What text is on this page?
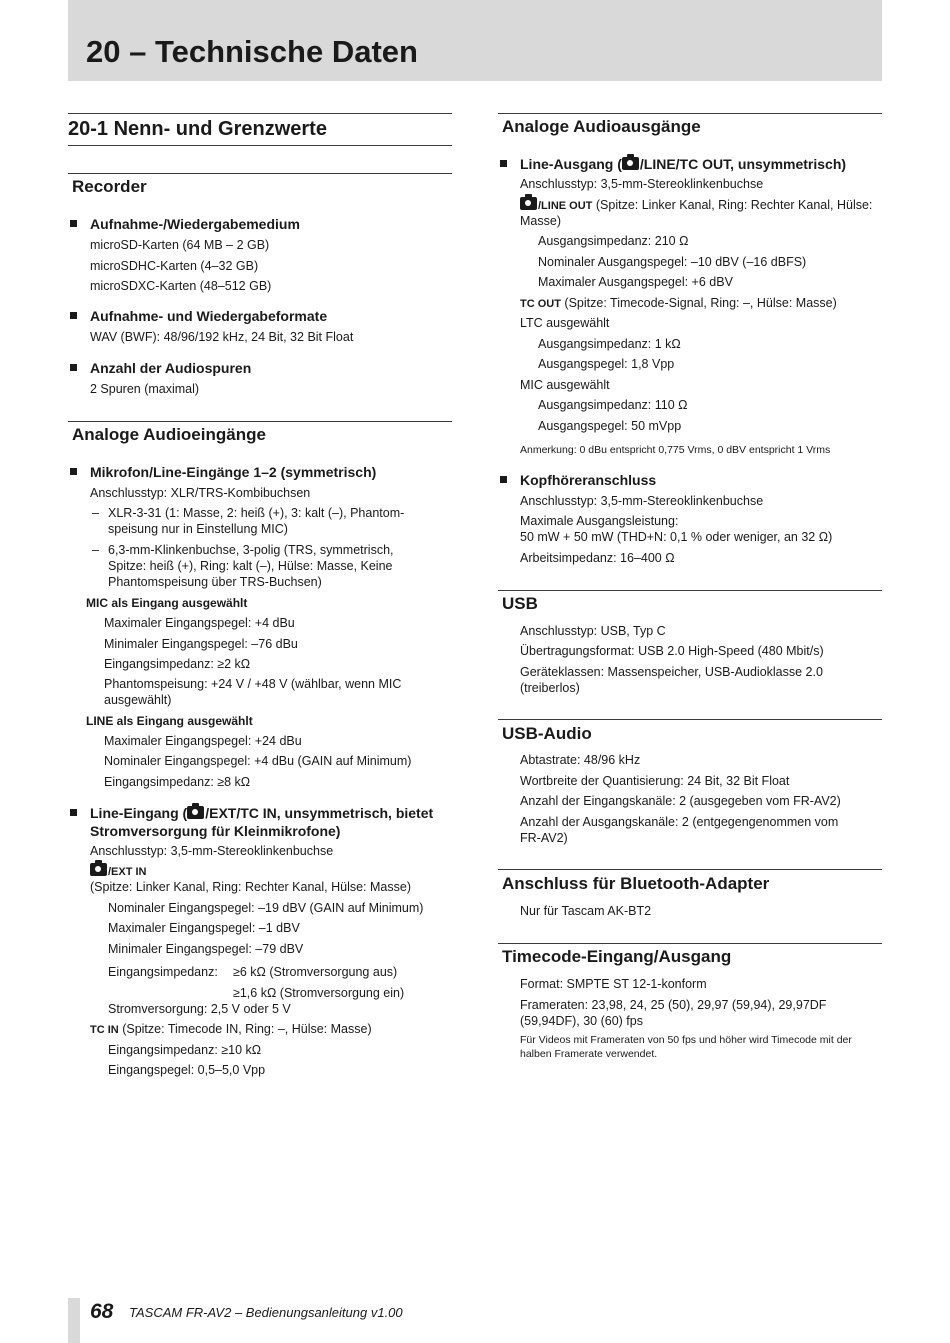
20 – Technische Daten
20-1 Nenn- und Grenzwerte
Recorder
Aufnahme-/Wiedergabemedium
microSD-Karten (64 MB – 2 GB)
microSDHC-Karten (4–32 GB)
microSDXC-Karten (48–512 GB)
Aufnahme- und Wiedergabeformate
WAV (BWF): 48/96/192 kHz, 24 Bit, 32 Bit Float
Anzahl der Audiospuren
2 Spuren (maximal)
Analoge Audioeingänge
Mikrofon/Line-Eingänge 1–2 (symmetrisch)
Anschlusstyp: XLR/TRS-Kombibuchsen
– XLR-3-31 (1: Masse, 2: heiß (+), 3: kalt (–), Phantom-
speisung nur in Einstellung MIC)
– 6,3-mm-Klinkenbuchse, 3-polig (TRS, symmetrisch,
Spitze: heiß (+), Ring: kalt (–), Hülse: Masse, Keine
Phantomspeisung über TRS-Buchsen)
MIC als Eingang ausgewählt
Maximaler Eingangspegel: +4 dBu
Minimaler Eingangspegel: –76 dBu
Eingangsimpedanz: ≥2 kΩ
Phantomspeisung: +24 V / +48 V (wählbar, wenn MIC
ausgewählt)
LINE als Eingang ausgewählt
Maximaler Eingangspegel: +24 dBu
Nominaler Eingangspegel: +4 dBu (GAIN auf Minimum)
Eingangsimpedanz: ≥8 kΩ
Line-Eingang ( /EXT/TC IN, unsymmetrisch, bietet
Stromversorgung für Kleinmikrofone)
Anschlusstyp: 3,5-mm-Stereoklinkenbuchse
/EXT IN
(Spitze: Linker Kanal, Ring: Rechter Kanal, Hülse: Masse)
Nominaler Eingangspegel: –19 dBV (GAIN auf Minimum)
Maximaler Eingangspegel: –1 dBV
Minimaler Eingangspegel: –79 dBV
Eingangsimpedanz: ≥6 kΩ (Stromversorgung aus)
≥1,6 kΩ (Stromversorgung ein)
Stromversorgung: 2,5 V oder 5 V
TC IN (Spitze: Timecode IN, Ring: –, Hülse: Masse)
Eingangsimpedanz: ≥10 kΩ
Eingangspegel: 0,5–5,0 Vpp
Analoge Audioausgänge
Line-Ausgang ( /LINE/TC OUT, unsymmetrisch)
Anschlusstyp: 3,5-mm-Stereoklinkenbuchse
/LINE OUT (Spitze: Linker Kanal, Ring: Rechter Kanal, Hülse:
Masse)
Ausgangsimpedanz: 210 Ω
Nominaler Ausgangspegel: –10 dBV (–16 dBFS)
Maximaler Ausgangspegel: +6 dBV
TC OUT (Spitze: Timecode-Signal, Ring: –, Hülse: Masse)
LTC ausgewählt
Ausgangsimpedanz: 1 kΩ
Ausgangspegel: 1,8 Vpp
MIC ausgewählt
Ausgangsimpedanz: 110 Ω
Ausgangspegel: 50 mVpp
Anmerkung: 0 dBu entspricht 0,775 Vrms, 0 dBV entspricht 1 Vrms
Kopfhöreranschluss
Anschlusstyp: 3,5-mm-Stereoklinkenbuchse
Maximale Ausgangsleistung:
50 mW + 50 mW (THD+N: 0,1 % oder weniger, an 32 Ω)
Arbeitsimpedanz: 16–400 Ω
USB
Anschlusstyp: USB, Typ C
Übertragungsformat: USB 2.0 High-Speed (480 Mbit/s)
Geräteklassen: Massenspeicher, USB-Audioklasse 2.0
(treiberlos)
USB-Audio
Abtastrate: 48/96 kHz
Wortbreite der Quantisierung: 24 Bit, 32 Bit Float
Anzahl der Eingangskanäle: 2 (ausgegeben vom FR-AV2)
Anzahl der Ausgangskanäle: 2 (entgegengenommen vom
FR-AV2)
Anschluss für Bluetooth-Adapter
Nur für Tascam AK-BT2
Timecode-Eingang/Ausgang
Format: SMPTE ST 12-1-konform
Frameraten: 23,98, 24, 25 (50), 29,97 (59,94), 29,97DF
(59,94DF), 30 (60) fps
Für Videos mit Frameraten von 50 fps und höher wird Timecode mit der
halben Framerate verwendet.
68 TASCAM FR-AV2 – Bedienungsanleitung v1.00
